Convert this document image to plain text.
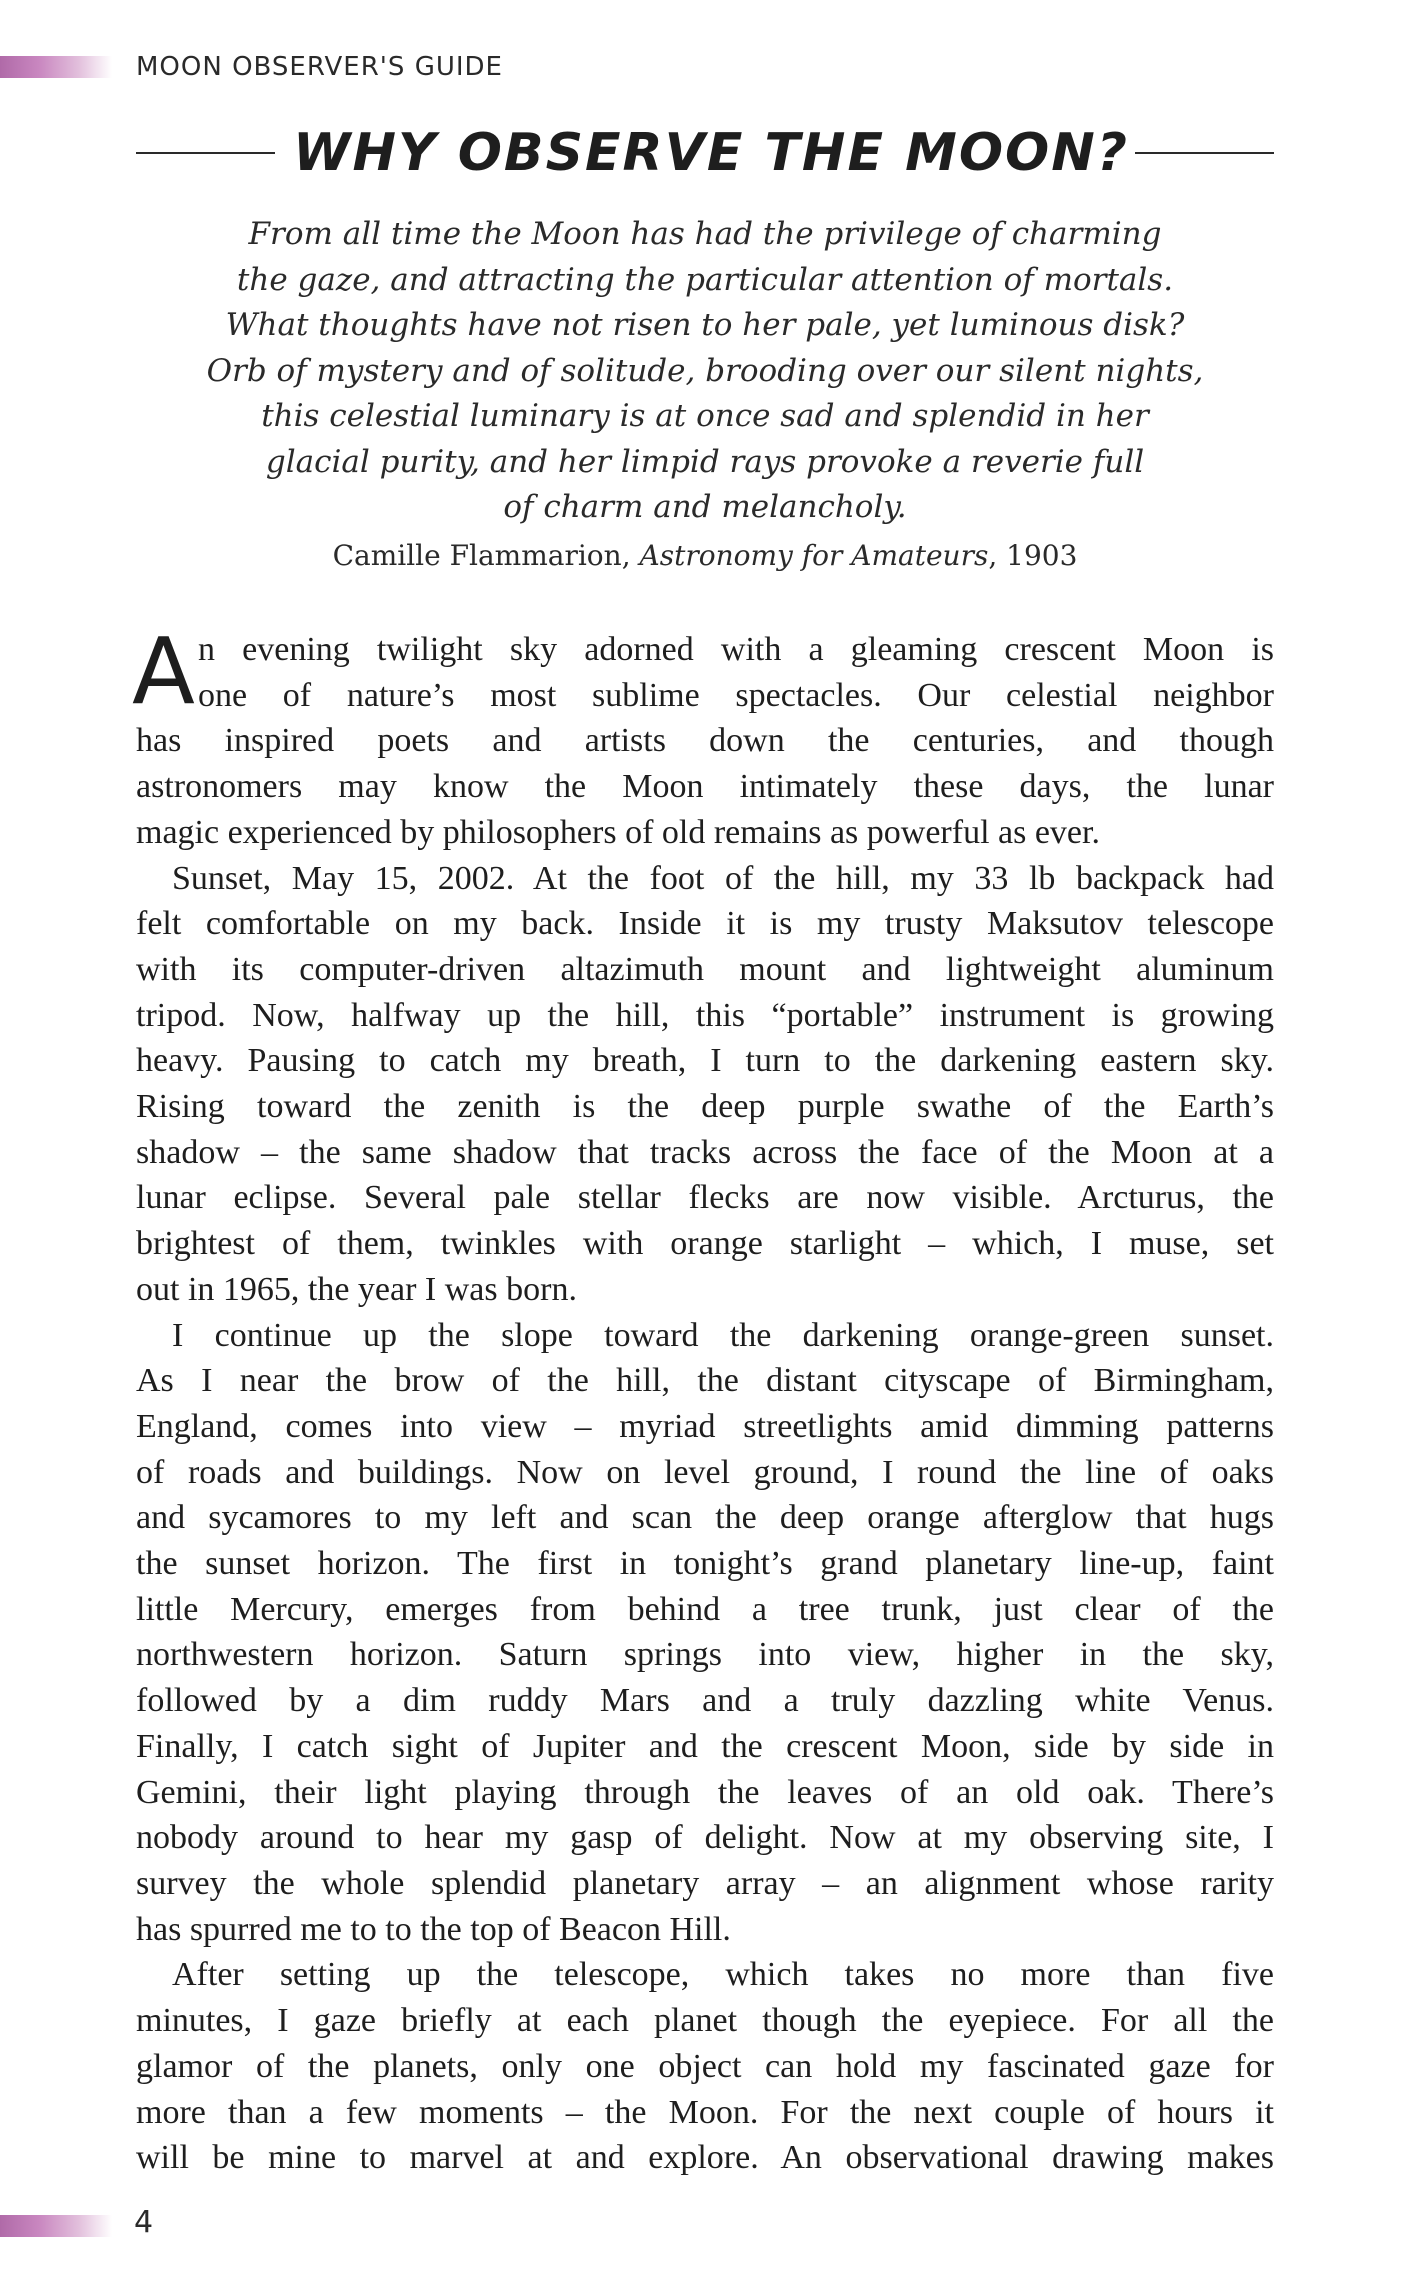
MOON OBSERVER'S GUIDE
WHY OBSERVE THE MOON?
From all time the Moon has had the privilege of charming
the gaze, and attracting the particular attention of mortals.
What thoughts have not risen to her pale, yet luminous disk?
Orb of mystery and of solitude, brooding over our silent nights,
this celestial luminary is at once sad and splendid in her
glacial purity, and her limpid rays provoke a reverie full
of charm and melancholy.
Camille Flammarion, Astronomy for Amateurs, 1903
A n evening twilight sky adorned with a gleaming crescent Moon is
one of nature’s most sublime spectacles. Our celestial neighbor
has inspired poets and artists down the centuries, and though
astronomers may know the Moon intimately these days, the lunar
magic experienced by philosophers of old remains as powerful as ever.

Sunset, May 15, 2002. At the foot of the hill, my 33 lb backpack had
felt comfortable on my back. Inside it is my trusty Maksutov telescope
with its computer-driven altazimuth mount and lightweight aluminum
tripod. Now, halfway up the hill, this “portable” instrument is growing
heavy. Pausing to catch my breath, I turn to the darkening eastern sky.
Rising toward the zenith is the deep purple swathe of the Earth’s
shadow – the same shadow that tracks across the face of the Moon at a
lunar eclipse. Several pale stellar flecks are now visible. Arcturus, the
brightest of them, twinkles with orange starlight – which, I muse, set
out in 1965, the year I was born.

I continue up the slope toward the darkening orange-green sunset.
As I near the brow of the hill, the distant cityscape of Birmingham,
England, comes into view – myriad streetlights amid dimming patterns
of roads and buildings. Now on level ground, I round the line of oaks
and sycamores to my left and scan the deep orange afterglow that hugs
the sunset horizon. The first in tonight’s grand planetary line-up, faint
little Mercury, emerges from behind a tree trunk, just clear of the
northwestern horizon. Saturn springs into view, higher in the sky,
followed by a dim ruddy Mars and a truly dazzling white Venus.
Finally, I catch sight of Jupiter and the crescent Moon, side by side in
Gemini, their light playing through the leaves of an old oak. There’s
nobody around to hear my gasp of delight. Now at my observing site, I
survey the whole splendid planetary array – an alignment whose rarity
has spurred me to to the top of Beacon Hill.

After setting up the telescope, which takes no more than five
minutes, I gaze briefly at each planet though the eyepiece. For all the
glamor of the planets, only one object can hold my fascinated gaze for
more than a few moments – the Moon. For the next couple of hours it
will be mine to marvel at and explore. An observational drawing makes

4
